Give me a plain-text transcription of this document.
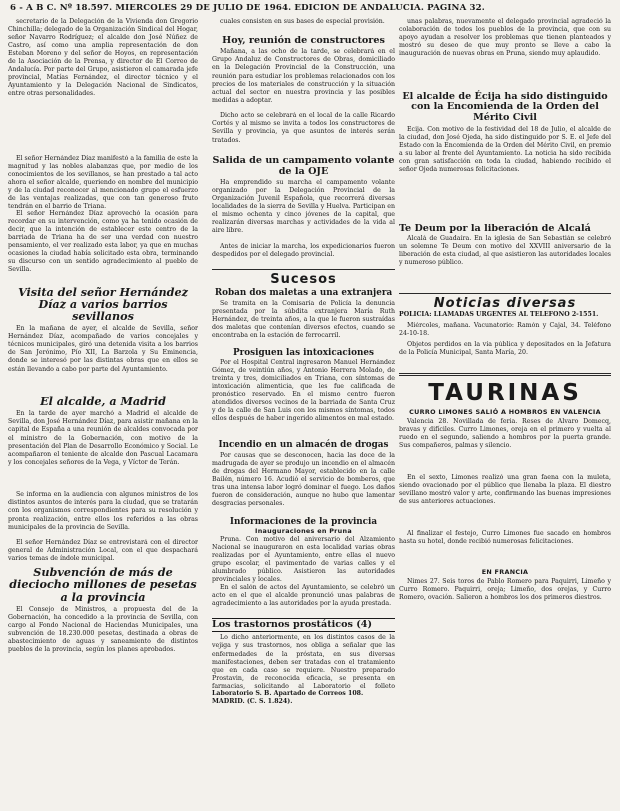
6 - A B C. Nº 18.597. MIERCOLES 29 DE JULIO DE 1964. EDICION DE ANDALUCIA. PAGINA 32.

secretario de la Delegación de la Vivienda don Gregorio Chinchilla; delegado de la Organización Sindical del Hogar, señor Navarro Rodríguez; el alcalde don José Núñez de Castro, así como una amplia representación de don Esteban Moreno y del señor de Hoyos, en representación de la Asociación de la Prensa, y director de El Correo de Andalucía. Por parte del Grupo, asistieron el camarada jefe provincial, Matías Fernández, el director técnico y el Ayuntamiento y la Delegación Nacional de Sindicatos, entre otras personalidades.

El señor Hernández Díaz manifestó a la familia de este la magnitud y las nobles alabanzas que, por medio de los conocimientos de los sevillanos, se han prestado a tal acto ahora el señor alcalde, queriendo en nombre del municipio y de la ciudad reconocer al mencionado grupo el esfuerzo de las ventajas realizadas, que con tan generoso fruto tendrán en el barrio de Triana.

El señor Hernández Díaz aprovechó la ocasión para recordar en su intervención, como ya ha tenido ocasión de decir, que la intención de establecer este centro de la barriada de Triana ha de ser una verdad con nuestro pensamiento, el ver realizado esta labor, ya que en muchas ocasiones la ciudad había solicitado esta obra, terminando su discurso con un sentido agradecimiento al pueblo de Sevilla.

Visita del señor Hernández Díaz a varios barrios sevillanos

En la mañana de ayer, el alcalde de Sevilla, señor Hernández Díaz, acompañado de varios concejales y técnicos municipales, giró una detenida visita a los barrios de San Jerónimo, Pío XII, La Barzola y Su Eminencia, donde se interesó por las distintas obras que en ellos se están llevando a cabo por parte del Ayuntamiento.

El alcalde, a Madrid

En la tarde de ayer marchó a Madrid el alcalde de Sevilla, don José Hernández Díaz, para asistir mañana en la capital de España a una reunión de alcaldes convocada por el ministro de la Gobernación, con motivo de la presentación del Plan de Desarrollo Económico y Social. Le acompañaron el teniente de alcalde don Pascual Lacamara y los concejales señores de la Vega, y Víctor de Terán.

Se informa en la audiencia con algunos ministros de los distintos asuntos de interés para la ciudad, que se tratarán con los organismos correspondientes para su resolución y pronta realización, entre ellos los referidos a las obras municipales de la provincia de Sevilla.

El señor Hernández Díaz se entrevistará con el director general de Administración Local, con el que despachará varios temas de índole municipal.

Subvención de más de dieciocho millones de pesetas a la provincia

El Consejo de Ministros, a propuesta del de la Gobernación, ha concedido a la provincia de Sevilla, con cargo al Fondo Nacional de Haciendas Municipales, una subvención de 18.230.000 pesetas, destinada a obras de abastecimiento de aguas y saneamiento de distintos pueblos de la provincia, según los planes aprobados.

cuales consisten en sus bases de especial provisión.

Hoy, reunión de constructores

Mañana, a las ocho de la tarde, se celebrará en el Grupo Andaluz de Constructores de Obras, domiciliado en la Delegación Provincial de la Construcción, una reunión para estudiar los problemas relacionados con los precios de los materiales de construcción y la situación actual del sector en nuestra provincia y las posibles medidas a adoptar.

Dicho acto se celebrará en el local de la calle Ricardo Cortés y al mismo se invita a todos los constructores de Sevilla y provincia, ya que asuntos de interés serán tratados.

Salida de un campamento volante de la OJE

Ha emprendido su marcha el campamento volante organizado por la Delegación Provincial de la Organización Juvenil Española, que recorrerá diversas localidades de la sierra de Sevilla y Huelva. Participan en el mismo ochenta y cinco jóvenes de la capital, que realizarán diversas marchas y actividades de la vida al aire libre.

Antes de iniciar la marcha, los expedicionarios fueron despedidos por el delegado provincial.

Sucesos

Roban dos maletas a una extranjera

Se tramita en la Comisaría de Policía la denuncia presentada por la súbdita extranjera María Ruth Hernández, de treinta años, a la que le fueron sustraídas dos maletas que contenían diversos efectos, cuando se encontraba en la estación de ferrocarril.

Prosiguen las intoxicaciones

Por el Hospital Central ingresaron Manuel Hernández Gómez, de veintiún años, y Antonio Herrera Molado, de treinta y tres, domiciliados en Triana, con síntomas de intoxicación alimenticia, que les fue calificada de pronóstico reservado. En el mismo centro fueron atendidos diversos vecinos de la barriada de Santa Cruz y de la calle de San Luis con los mismos síntomas, todos ellos después de haber ingerido alimentos en mal estado.

Incendio en un almacén de drogas

Por causas que se desconocen, hacia las doce de la madrugada de ayer se produjo un incendio en el almacén de drogas del Hermano Mayor, establecido en la calle Bailén, número 16. Acudió el servicio de bomberos, que tras una intensa labor logró dominar el fuego. Los daños fueron de consideración, aunque no hubo que lamentar desgracias personales.

Informaciones de la provincia

Inauguraciones en Pruna

Pruna. Con motivo del aniversario del Alzamiento Nacional se inauguraron en esta localidad varias obras realizadas por el Ayuntamiento, entre ellas el nuevo grupo escolar, el pavimentado de varias calles y el alumbrado público. Asistieron las autoridades provinciales y locales.

En el salón de actos del Ayuntamiento, se celebró un acto en el que el alcalde pronunció unas palabras de agradecimiento a las autoridades por la ayuda prestada.

Los trastornos prostáticos (4)

Lo dicho anteriormente, en los distintos casos de la vejiga y sus trastornos, nos obliga a señalar que las enfermedades de la próstata, en sus diversas manifestaciones, deben ser tratadas con el tratamiento que en cada caso se requiere. Nuestro preparado Prostavin, de reconocida eficacia, se presenta en farmacias, solicitando al Laboratorio el folleto

Laboratorio S. B. Apartado de Correos 108. MADRID. (C. S. 1.824).

unas palabras, nuevamente el delegado provincial agradeció la colaboración de todos los pueblos de la provincia, que con su apoyo ayudan a resolver los problemas que tienen planteados y mostró su deseo de que muy pronto se lleve a cabo la inauguración de nuevas obras en Pruna, siendo muy aplaudido.

El alcalde de Écija ha sido distinguido con la Encomienda de la Orden del Mérito Civil

Écija. Con motivo de la festividad del 18 de Julio, el alcalde de la ciudad, don José Ojeda, ha sido distinguido por S. E. el Jefe del Estado con la Encomienda de la Orden del Mérito Civil, en premio a su labor al frente del Ayuntamiento. La noticia ha sido recibida con gran satisfacción en toda la ciudad, habiendo recibido el señor Ojeda numerosas felicitaciones.

Te Deum por la liberación de Alcalá

Alcalá de Guadaíra. En la iglesia de San Sebastián se celebró un solemne Te Deum con motivo del XXVIII aniversario de la liberación de esta ciudad, al que asistieron las autoridades locales y numeroso público.

Noticias diversas

POLICIA: LLAMADAS URGENTES AL TELEFONO 2-1551.

Miércoles, mañana. Vacunatorio: Ramón y Cajal, 34. Teléfono 24-10-18.

Objetos perdidos en la vía pública y depositados en la Jefatura de la Policía Municipal, Santa María, 20.

TAURINAS

CURRO LIMONES SALIÓ A HOMBROS EN VALENCIA

Valencia 28. Novillada de feria. Reses de Álvaro Domecq, bravas y difíciles. Curro Limones, oreja en el primero y vuelta al ruedo en el segundo, saliendo a hombros por la puerta grande. Sus compañeros, palmas y silencio.

En el sexto, Limones realizó una gran faena con la muleta, siendo ovacionado por el público que llenaba la plaza. El diestro sevillano mostró valor y arte, confirmando las buenas impresiones de sus anteriores actuaciones.

Al finalizar el festejo, Curro Limones fue sacado en hombros hasta su hotel, donde recibió numerosas felicitaciones.

EN FRANCIA

Nimes 27. Seis toros de Pablo Romero para Paquirri, Limeño y Curro Romero. Paquirri, oreja; Limeño, dos orejas, y Curro Romero, ovación. Salieron a hombros los dos primeros diestros.
